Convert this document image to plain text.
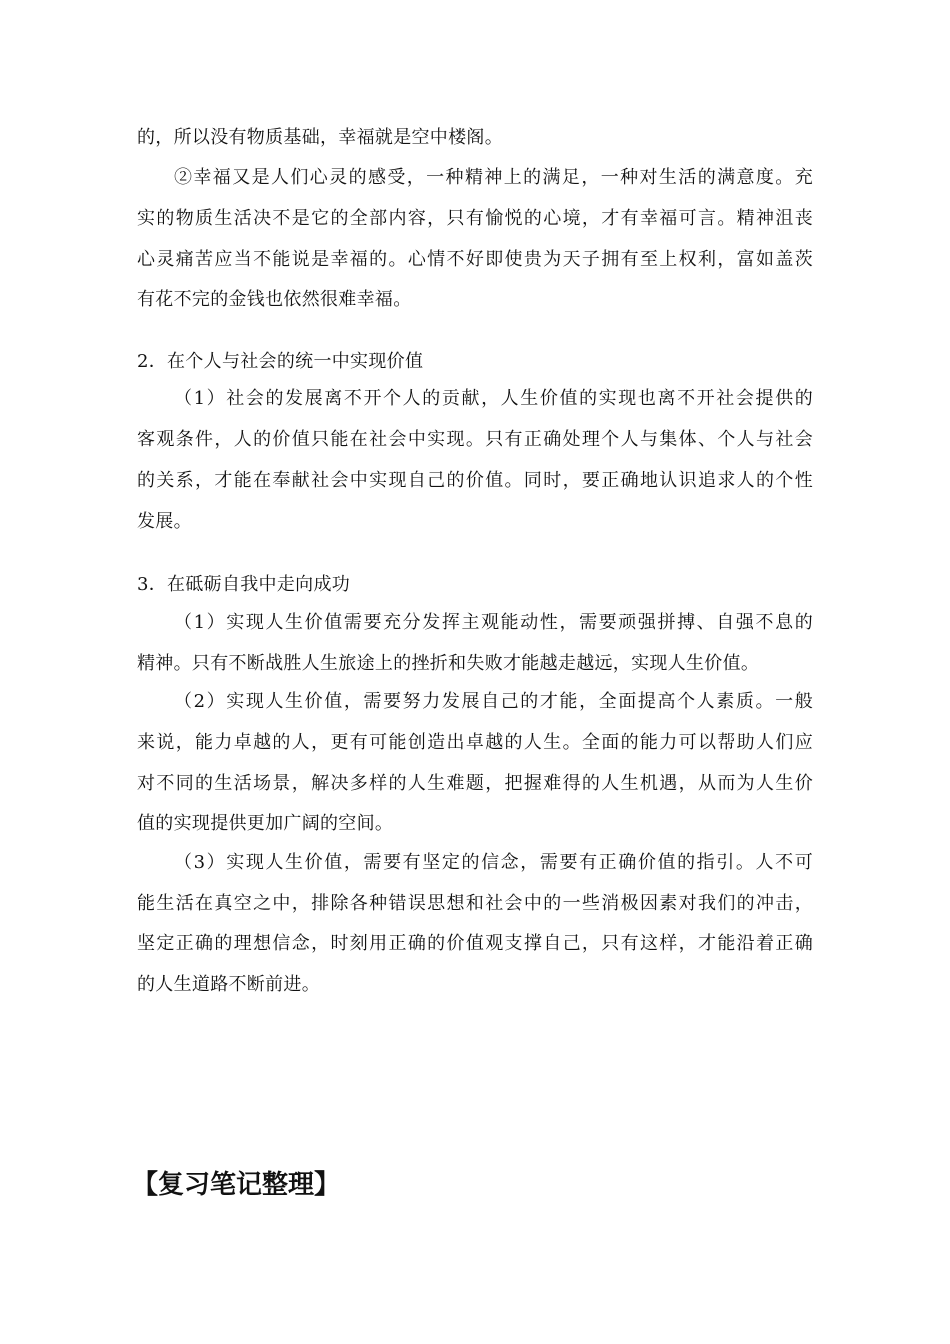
的，所以没有物质基础，幸福就是空中楼阁。
②幸福又是人们心灵的感受，一种精神上的满足，一种对生活的满意度。充
实的物质生活决不是它的全部内容，只有愉悦的心境，才有幸福可言。精神沮丧
心灵痛苦应当不能说是幸福的。心情不好即使贵为天子拥有至上权利，富如盖茨
有花不完的金钱也依然很难幸福。
2．在个人与社会的统一中实现价值
（1）社会的发展离不开个人的贡献，人生价值的实现也离不开社会提供的
客观条件，人的价值只能在社会中实现。只有正确处理个人与集体、个人与社会
的关系，才能在奉献社会中实现自己的价值。同时，要正确地认识追求人的个性
发展。
3．在砥砺自我中走向成功
（1）实现人生价值需要充分发挥主观能动性，需要顽强拼搏、自强不息的
精神。只有不断战胜人生旅途上的挫折和失败才能越走越远，实现人生价值。
（2）实现人生价值，需要努力发展自己的才能，全面提高个人素质。一般
来说，能力卓越的人，更有可能创造出卓越的人生。全面的能力可以帮助人们应
对不同的生活场景，解决多样的人生难题，把握难得的人生机遇，从而为人生价
值的实现提供更加广阔的空间。
（3）实现人生价值，需要有坚定的信念，需要有正确价值的指引。人不可
能生活在真空之中，排除各种错误思想和社会中的一些消极因素对我们的冲击，
坚定正确的理想信念，时刻用正确的价值观支撑自己，只有这样，才能沿着正确
的人生道路不断前进。
【复习笔记整理】
